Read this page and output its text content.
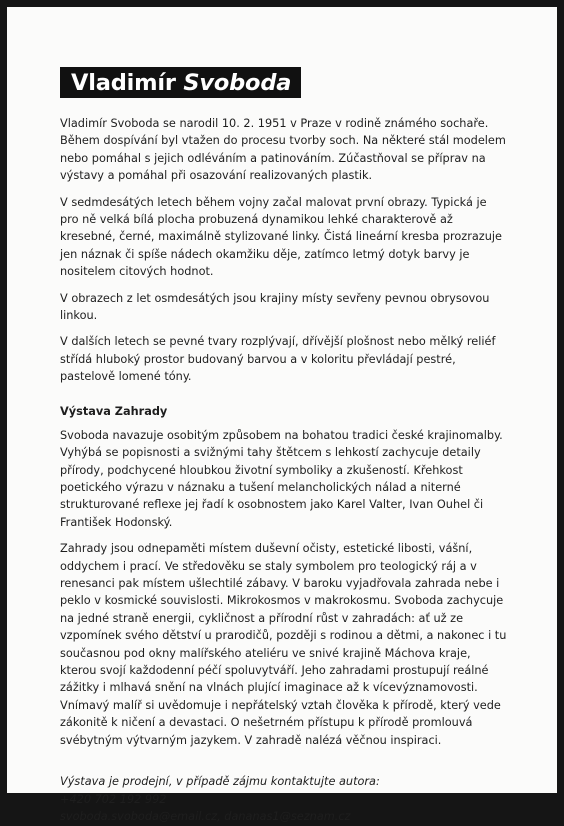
Vladimír Svoboda

Vladimír Svoboda se narodil 10. 2. 1951 v Praze v rodině známého sochaře. Během dospívání byl vtažen do procesu tvorby soch. Na některé stál modelem nebo pomáhal s jejich odléváním a patinováním. Zúčastňoval se příprav na výstavy a pomáhal při osazování realizovaných plastik.

V sedmdesátých letech během vojny začal malovat první obrazy. Typická je pro ně velká bílá plocha probuzená dynamikou lehké charakterově až kresebné, černé, maximálně stylizované linky. Čistá lineární kresba prozrazuje jen náznak či spíše nádech okamžiku děje, zatímco letmý dotyk barvy je nositelem citových hodnot.

V obrazech z let osmdesátých jsou krajiny místy sevřeny pevnou obrysovou linkou.

V dalších letech se pevné tvary rozplývají, dřívější plošnost nebo mělký reliéf střídá hluboký prostor budovaný barvou a v koloritu převládají pestré, pastelově lomené tóny.

Výstava Zahrady

Svoboda navazuje osobitým způsobem na bohatou tradici české krajinomalby. Vyhýbá se popisnosti a svižnými tahy štětcem s lehkostí zachycuje detaily přírody, podchycené hloubkou životní symboliky a zkušeností. Křehkost poetického výrazu v náznaku a tušení melancholických nálad a niterné strukturované reflexe jej řadí k osobnostem jako Karel Valter, Ivan Ouhel či František Hodonský.

Zahrady jsou odnepaměti místem duševní očisty, estetické libosti, vášní, oddychem i prací. Ve středověku se staly symbolem pro teologický ráj a v renesanci pak místem ušlechtilé zábavy. V baroku vyjadřovala zahrada nebe i peklo v kosmické souvislosti. Mikrokosmos v makrokosmu. Svoboda zachycuje na jedné straně energii, cykličnost a přírodní růst v zahradách: ať už ze vzpomínek svého dětství u prarodičů, později s rodinou a dětmi, a nakonec i tu současnou pod okny malířského ateliéru ve snivé krajině Máchova kraje, kterou svojí každodenní péčí spoluvytváří. Jeho zahradami prostupují reálné zážitky i mlhavá snění na vlnách plující imaginace až k vícevýznamovosti. Vnímavý malíř si uvědomuje i nepřátelský vztah člověka k přírodě, který vede zákonitě k ničení a devastaci. O nešetrném přístupu k přírodě promlouvá svébytným výtvarným jazykem. V zahradě nalézá věčnou inspiraci.

Výstava je prodejní, v případě zájmu kontaktujte autora:
+420 702 192 992
svoboda.svoboda@email.cz, dananas1@seznam.cz
